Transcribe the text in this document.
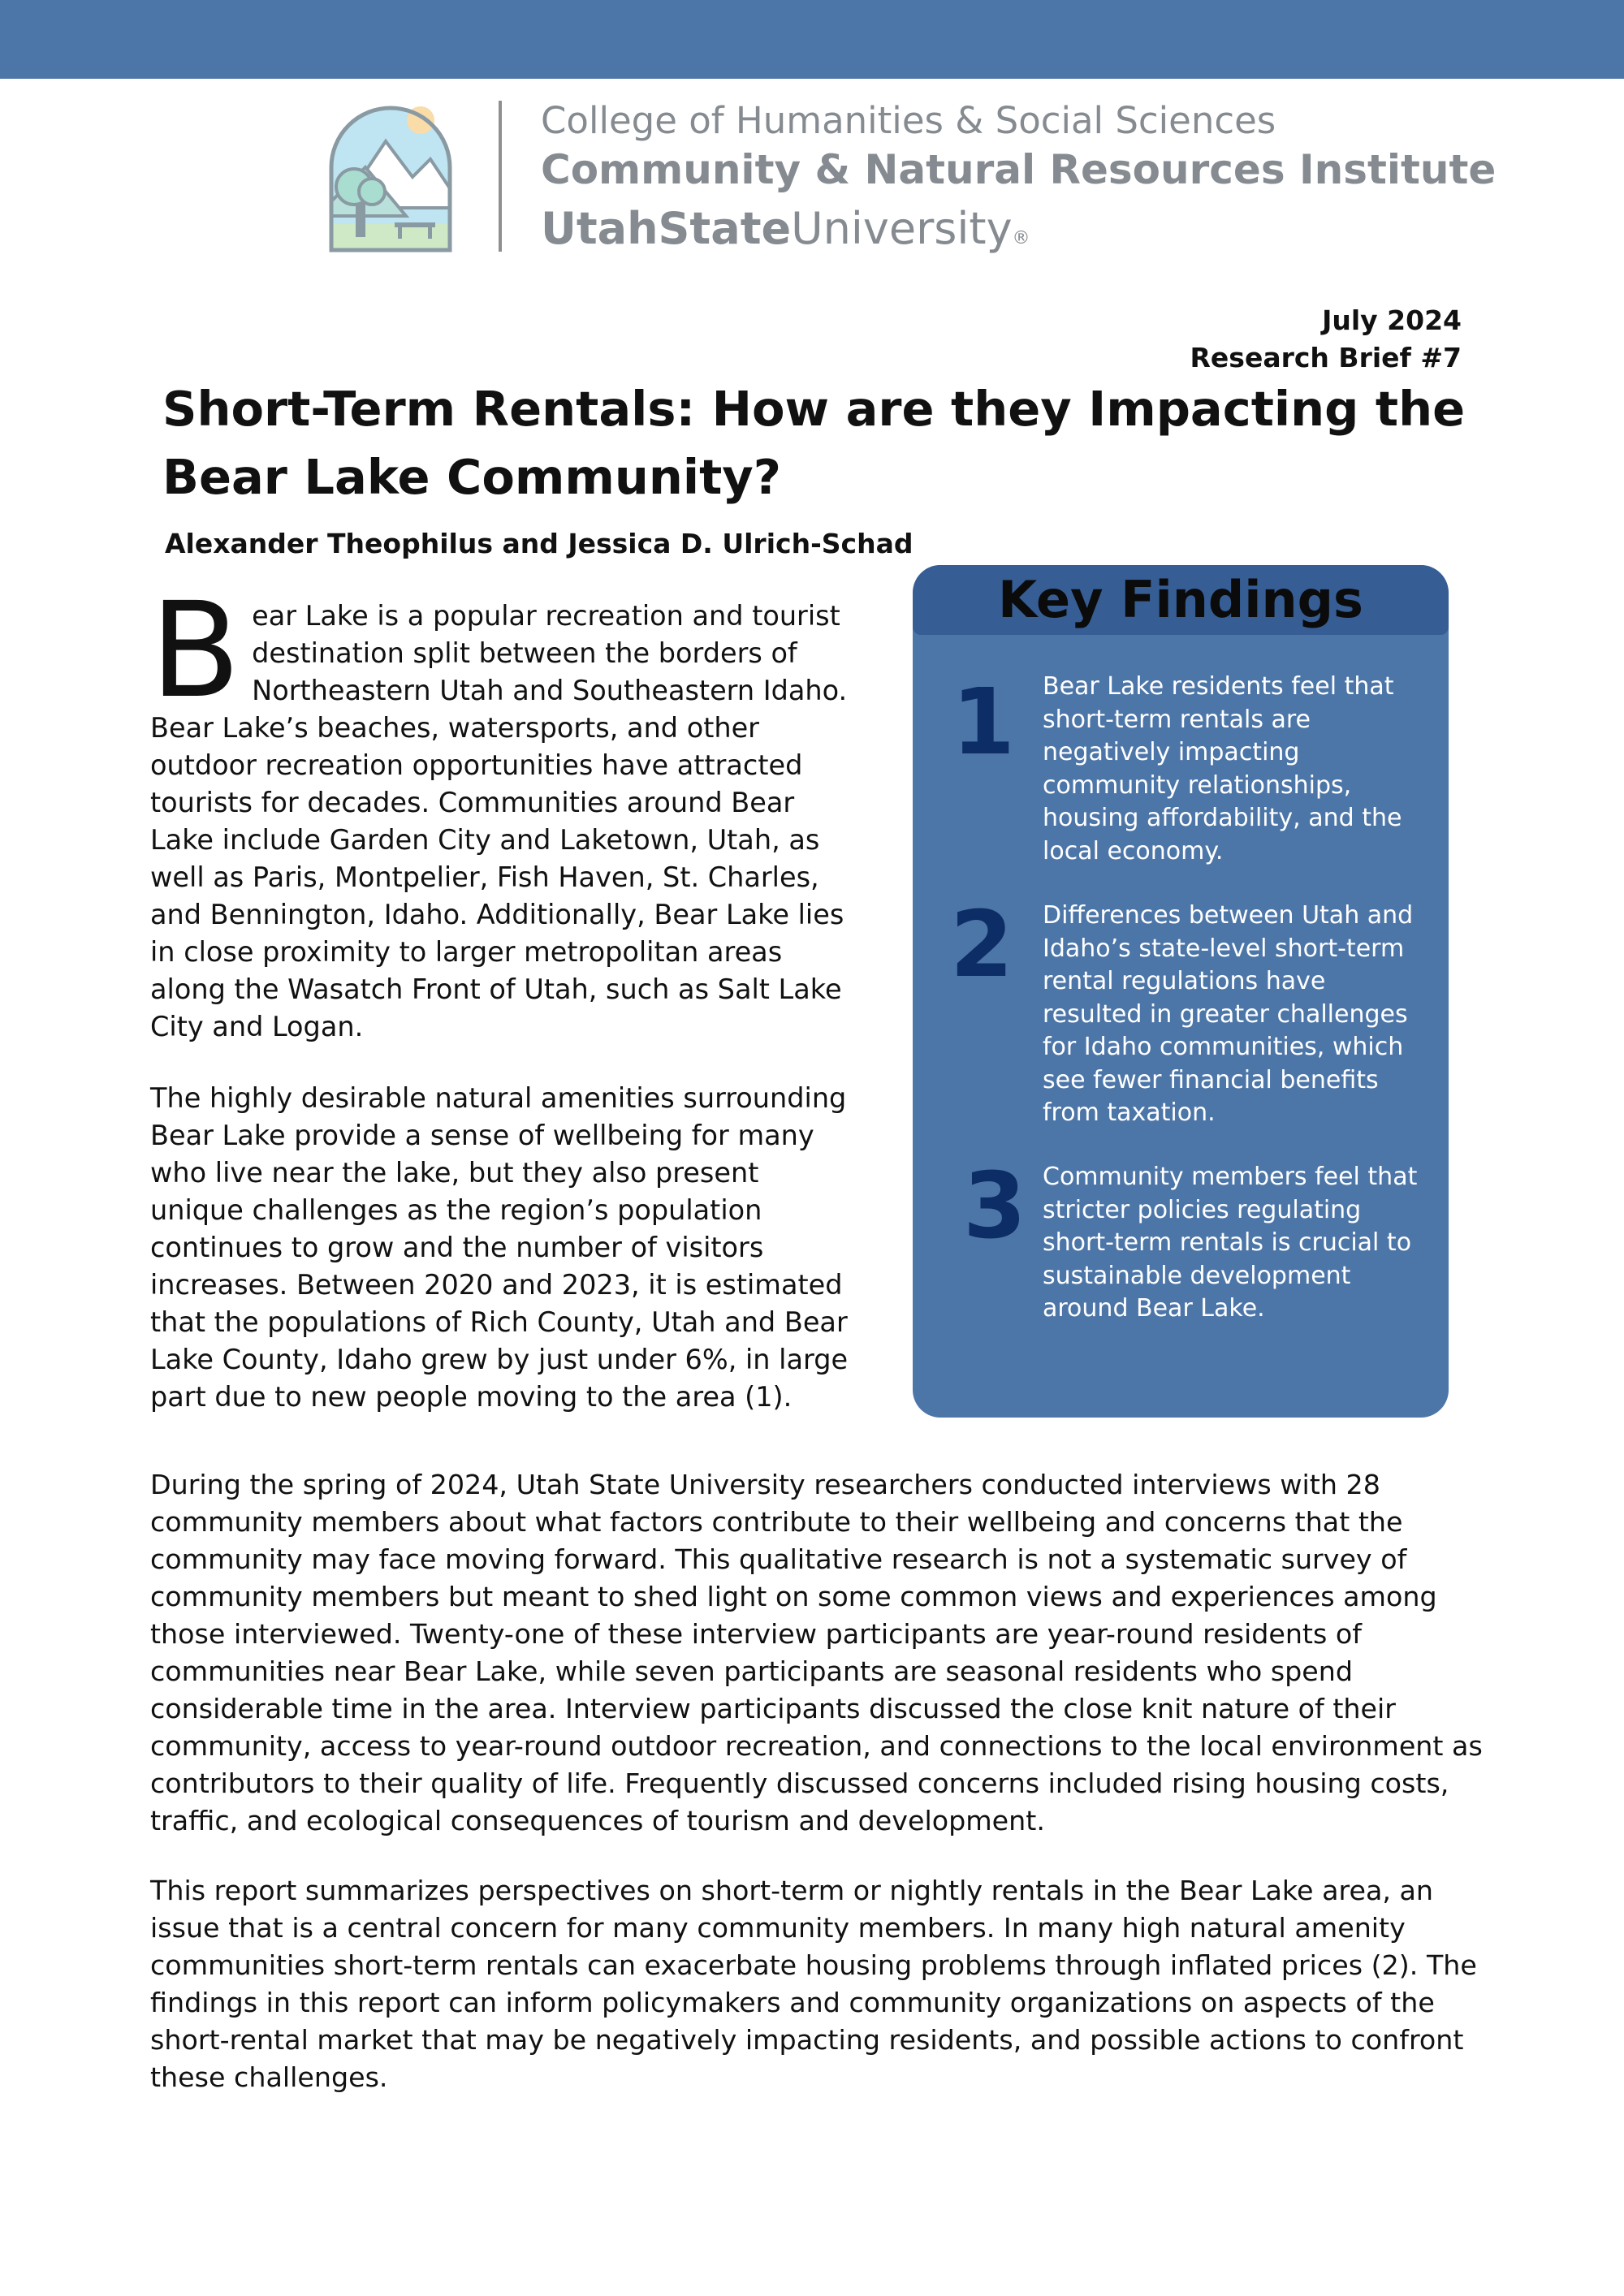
College of Humanities & Social Sciences
Community & Natural Resources Institute
UtahStateUniversity®
July 2024
Research Brief #7
Short-Term Rentals: How are they Impacting the Bear Lake Community?
Alexander Theophilus and Jessica D. Ulrich-Schad

Bear Lake is a popular recreation and tourist destination split between the borders of Northeastern Utah and Southeastern Idaho. Bear Lake’s beaches, watersports, and other outdoor recreation opportunities have attracted tourists for decades. Communities around Bear Lake include Garden City and Laketown, Utah, as well as Paris, Montpelier, Fish Haven, St. Charles, and Bennington, Idaho. Additionally, Bear Lake lies in close proximity to larger metropolitan areas along the Wasatch Front of Utah, such as Salt Lake City and Logan.

The highly desirable natural amenities surrounding Bear Lake provide a sense of wellbeing for many who live near the lake, but they also present unique challenges as the region’s population continues to grow and the number of visitors increases. Between 2020 and 2023, it is estimated that the populations of Rich County, Utah and Bear Lake County, Idaho grew by just under 6%, in large part due to new people moving to the area (1).

Key Findings
1 Bear Lake residents feel that short-term rentals are negatively impacting community relationships, housing affordability, and the local economy.
2 Differences between Utah and Idaho’s state-level short-term rental regulations have resulted in greater challenges for Idaho communities, which see fewer financial benefits from taxation.
3 Community members feel that stricter policies regulating short-term rentals is crucial to sustainable development around Bear Lake.

During the spring of 2024, Utah State University researchers conducted interviews with 28 community members about what factors contribute to their wellbeing and concerns that the community may face moving forward. This qualitative research is not a systematic survey of community members but meant to shed light on some common views and experiences among those interviewed. Twenty-one of these interview participants are year-round residents of communities near Bear Lake, while seven participants are seasonal residents who spend considerable time in the area. Interview participants discussed the close knit nature of their community, access to year-round outdoor recreation, and connections to the local environment as contributors to their quality of life. Frequently discussed concerns included rising housing costs, traffic, and ecological consequences of tourism and development.

This report summarizes perspectives on short-term or nightly rentals in the Bear Lake area, an issue that is a central concern for many community members. In many high natural amenity communities short-term rentals can exacerbate housing problems through inflated prices (2). The findings in this report can inform policymakers and community organizations on aspects of the short-rental market that may be negatively impacting residents, and possible actions to confront these challenges.
